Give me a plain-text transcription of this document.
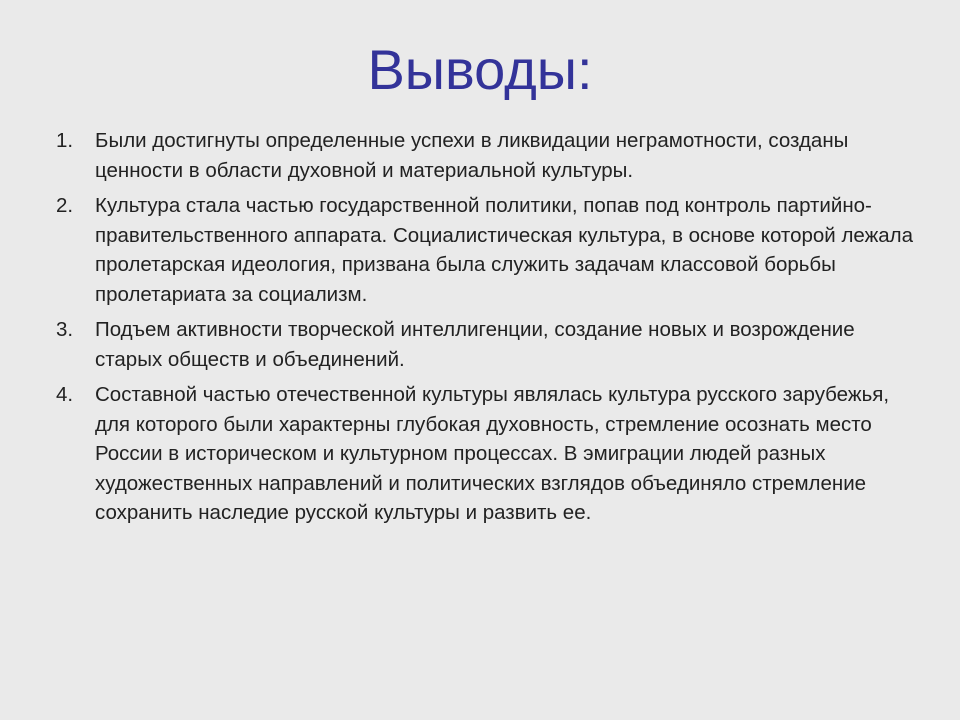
Выводы:
1. Были достигнуты определенные успехи в ликвидации неграмотности, созданы ценности в области духовной и материальной культуры.
2. Культура стала частью государственной политики, попав под контроль партийно-правительственного аппарата. Социалистическая культура, в основе которой лежала пролетарская идеология, призвана была служить задачам классовой борьбы пролетариата за социализм.
3. Подъем активности творческой интеллигенции, создание новых и возрождение старых обществ и объединений.
4. Составной частью отечественной культуры являлась культура русского зарубежья, для которого были характерны глубокая духовность, стремление осознать место России в историческом и культурном процессах. В эмиграции людей разных художественных направлений и политических взглядов объединяло стремление сохранить наследие русской культуры и развить ее.
